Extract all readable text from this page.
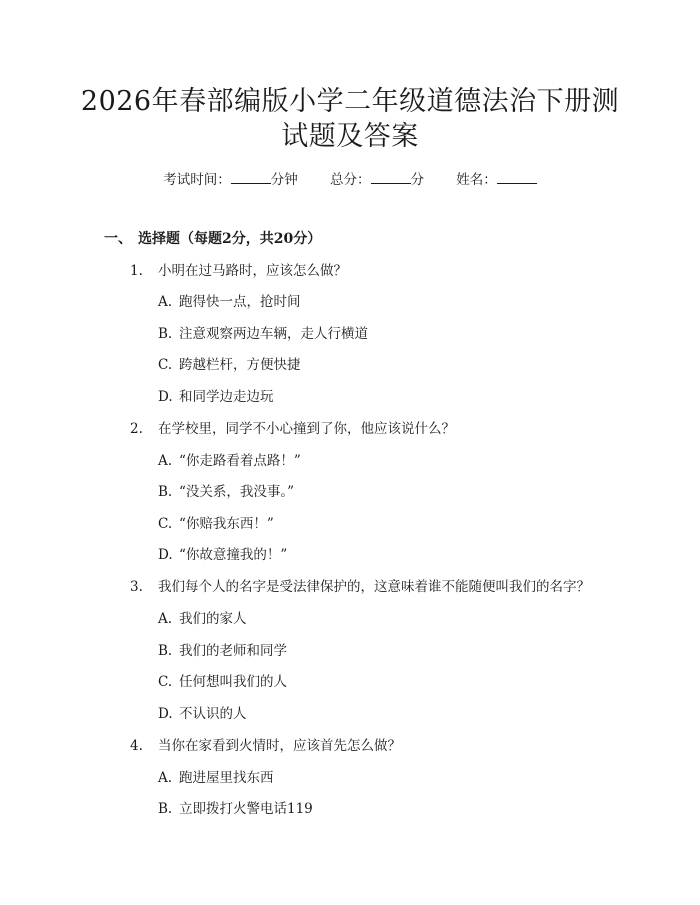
2026年春部编版小学二年级道德法治下册测
试题及答案
考试时间：	分钟 总分：	分 姓名：
一、 选择题（每题2分，共20分）
1. 小明在过马路时，应该怎么做？
A. 跑得快一点，抢时间
B. 注意观察两边车辆，走人行横道
C. 跨越栏杆，方便快捷
D. 和同学边走边玩
2. 在学校里，同学不小心撞到了你，他应该说什么？
A. “你走路看着点路！”
B. “没关系，我没事。”
C. “你赔我东西！”
D. “你故意撞我的！”
3. 我们每个人的名字是受法律保护的，这意味着谁不能随便叫我们的名字？
A. 我们的家人
B. 我们的老师和同学
C. 任何想叫我们的人
D. 不认识的人
4. 当你在家看到火情时，应该首先怎么做？
A. 跑进屋里找东西
B. 立即拨打火警电话119
